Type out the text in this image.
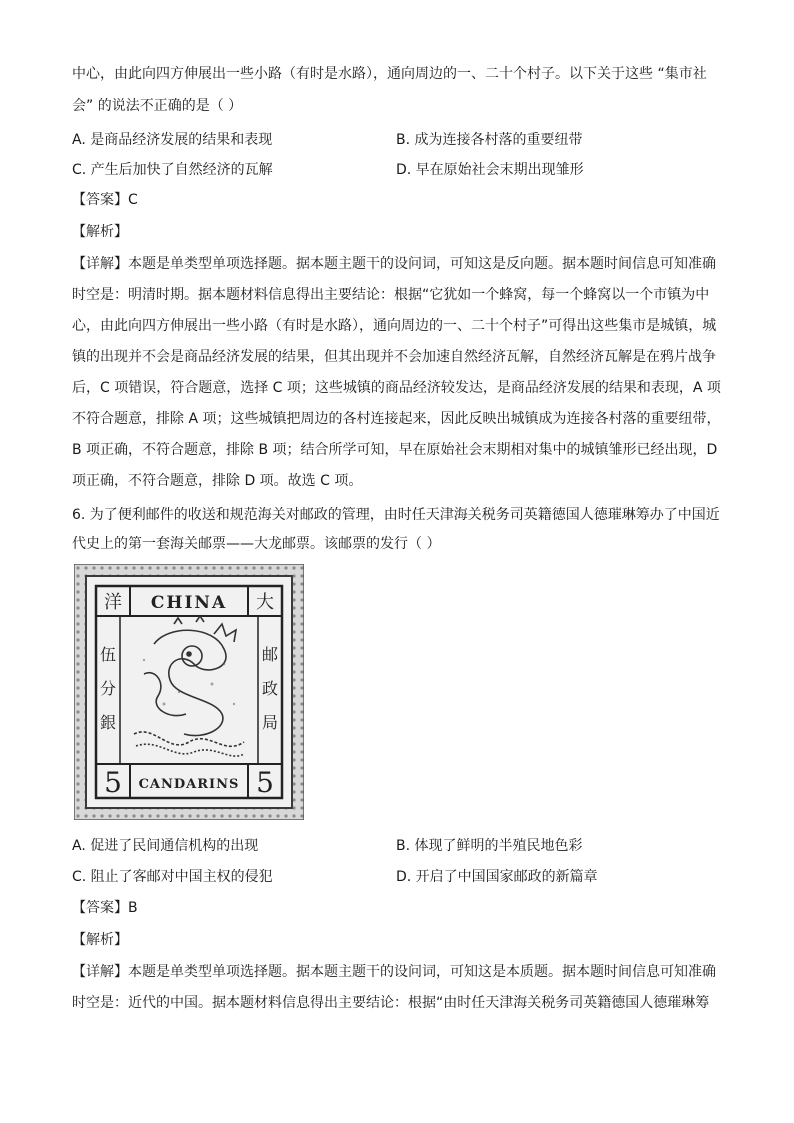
中心，由此向四方伸展出一些小路（有时是水路），通向周边的一、二十个村子。以下关于这些 “集市社
会” 的说法不正确的是（ ）
A. 是商品经济发展的结果和表现	B. 成为连接各村落的重要纽带
C. 产生后加快了自然经济的瓦解	D. 早在原始社会末期出现雏形
【答案】C
【解析】
【详解】本题是单类型单项选择题。据本题主题干的设问词，可知这是反向题。据本题时间信息可知准确
时空是：明清时期。据本题材料信息得出主要结论：根据“它犹如一个蜂窝，每一个蜂窝以一个市镇为中
心，由此向四方伸展出一些小路（有时是水路），通向周边的一、二十个村子”可得出这些集市是城镇，城
镇的出现并不会是商品经济发展的结果，但其出现并不会加速自然经济瓦解，自然经济瓦解是在鸦片战争
后，C 项错误，符合题意，选择 C 项；这些城镇的商品经济较发达，是商品经济发展的结果和表现，A 项
不符合题意，排除 A 项；这些城镇把周边的各村连接起来，因此反映出城镇成为连接各村落的重要纽带，
B 项正确，不符合题意，排除 B 项；结合所学可知，早在原始社会末期相对集中的城镇雏形已经出现，D
项正确，不符合题意，排除 D 项。故选 C 项。
6. 为了便利邮件的收送和规范海关对邮政的管理，由时任天津海关税务司英籍德国人德璀琳筹办了中国近
代史上的第一套海关邮票——大龙邮票。该邮票的发行（ ）
CHINA
洋	大
伍
分
銀
邮
政
局
5	5
CANDARINS
A. 促进了民间通信机构的出现	B. 体现了鲜明的半殖民地色彩
C. 阻止了客邮对中国主权的侵犯	D. 开启了中国国家邮政的新篇章
【答案】B
【解析】
【详解】本题是单类型单项选择题。据本题主题干的设问词，可知这是本质题。据本题时间信息可知准确
时空是：近代的中国。据本题材料信息得出主要结论：根据“由时任天津海关税务司英籍德国人德璀琳筹
